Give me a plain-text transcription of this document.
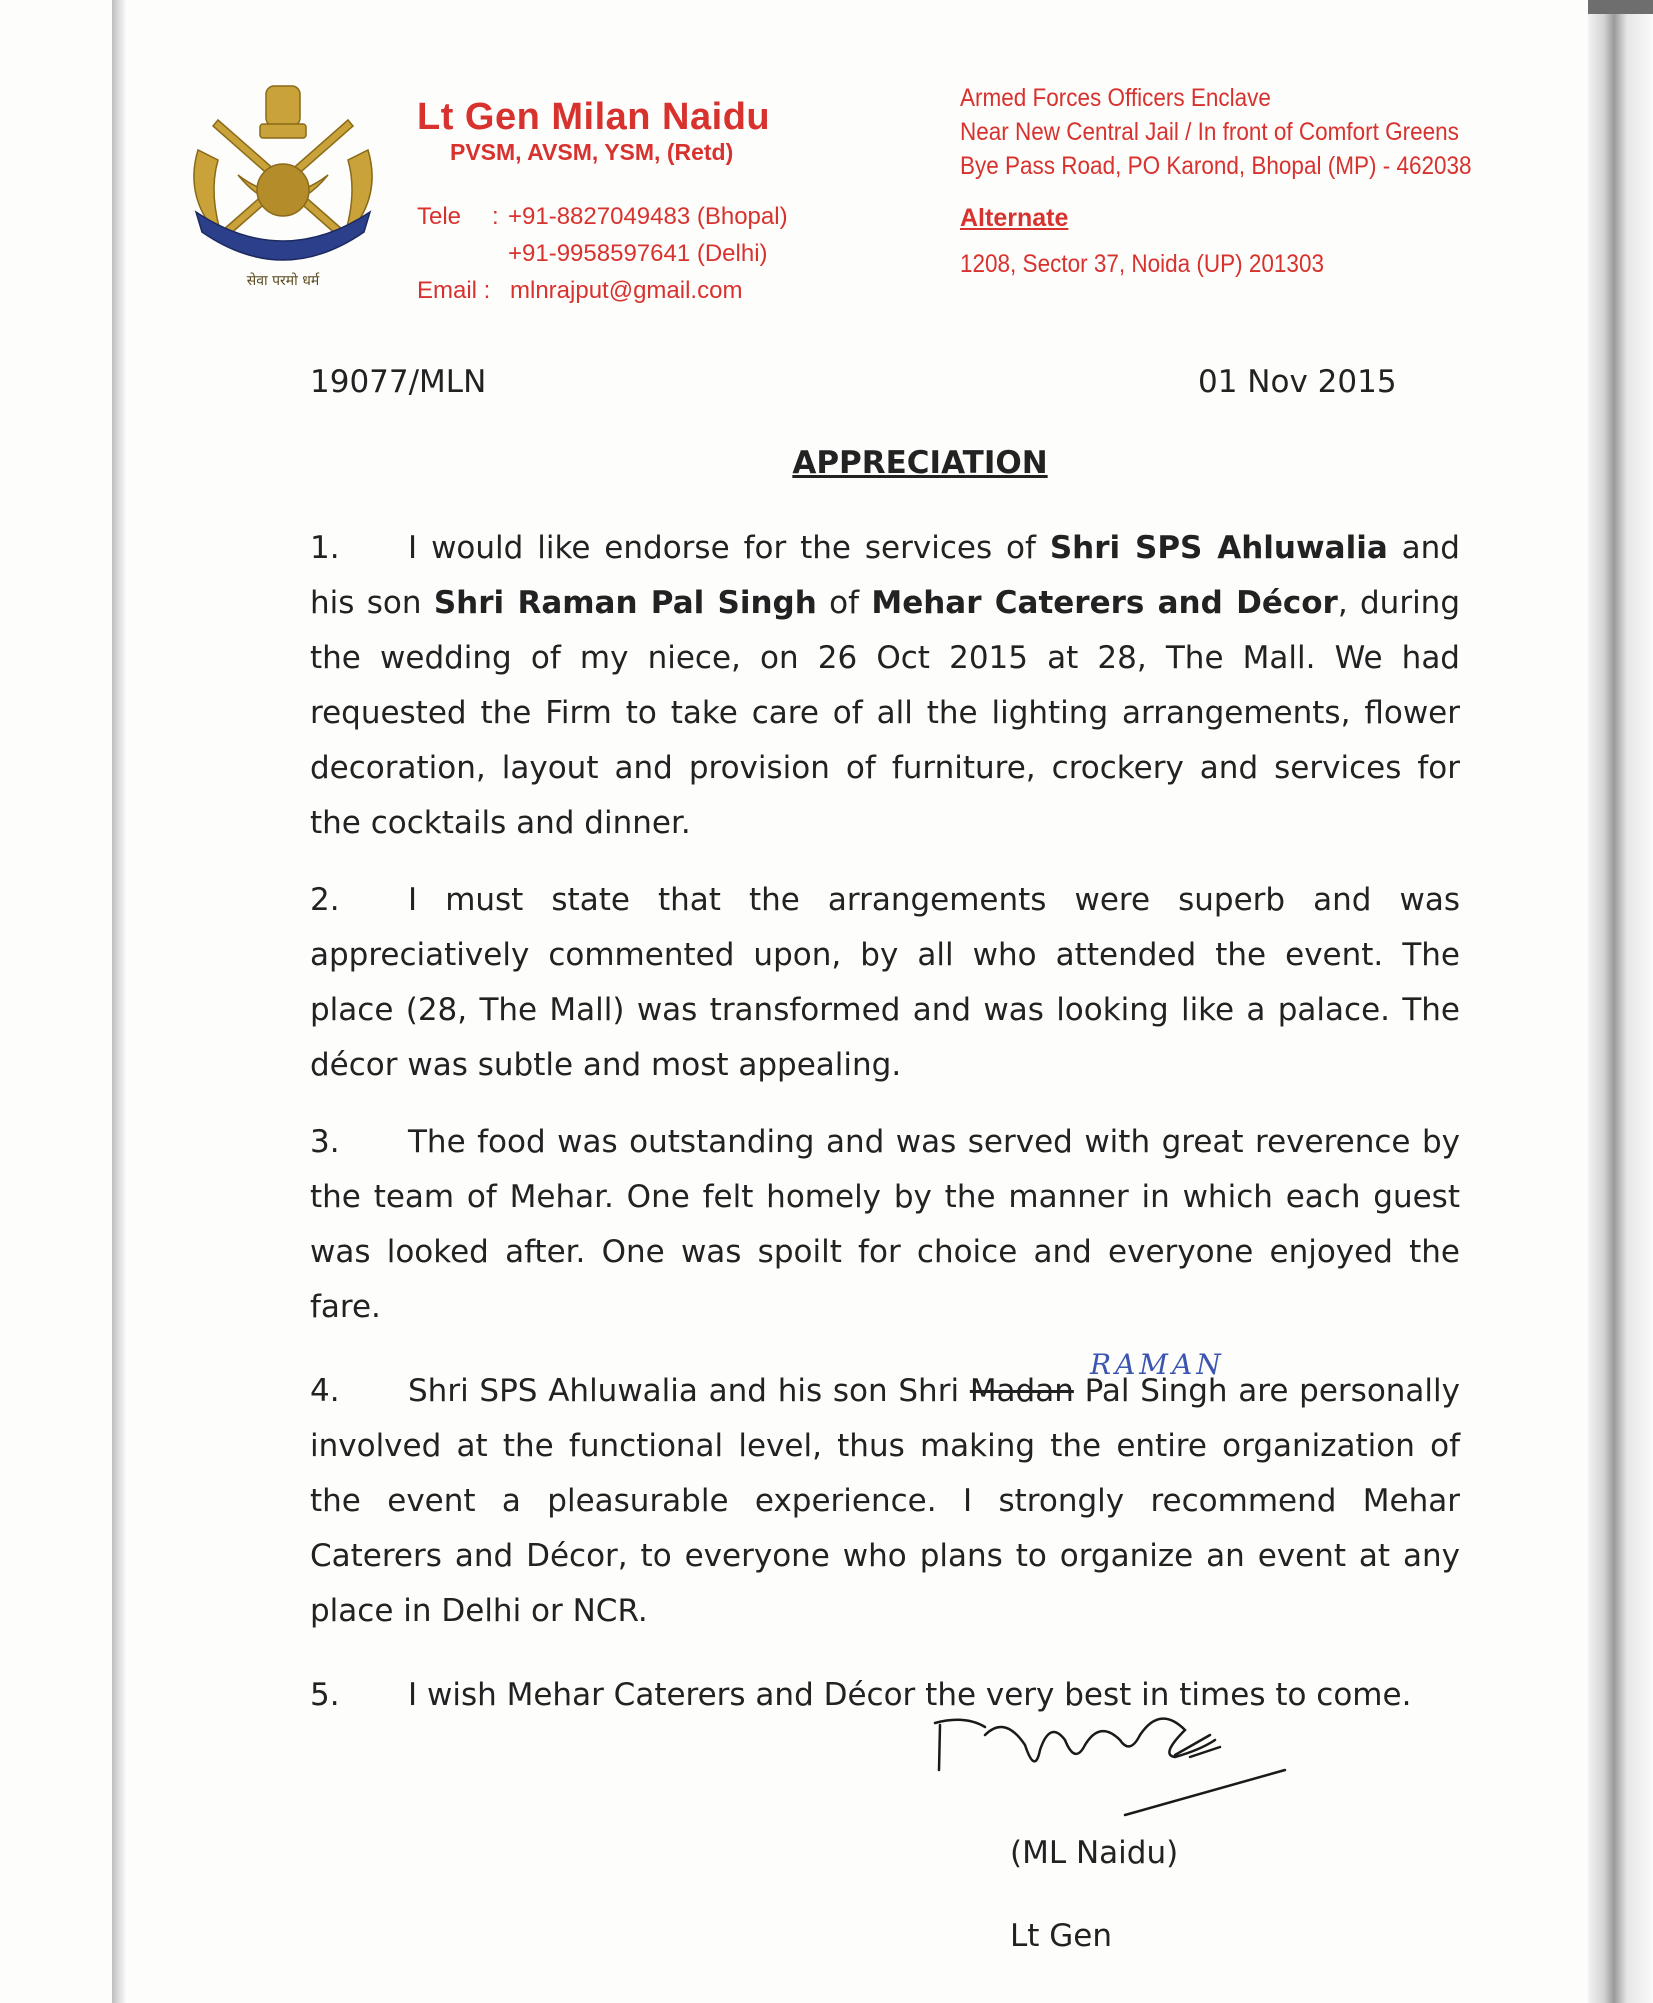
सेवा परमो धर्म
Lt Gen Milan Naidu
PVSM, AVSM, YSM, (Retd)
Tele : +91-8827049483 (Bhopal)
+91-9958597641 (Delhi)
Email : mlnrajput@gmail.com
Armed Forces Officers Enclave
Near New Central Jail / In front of Comfort Greens
Bye Pass Road, PO Karond, Bhopal (MP) - 462038
Alternate
1208, Sector 37, Noida (UP) 201303
19077/MLN	01 Nov 2015
APPRECIATION

1. I would like endorse for the services of Shri SPS Ahluwalia and his son Shri Raman Pal Singh of Mehar Caterers and Décor, during the wedding of my niece, on 26 Oct 2015 at 28, The Mall. We had requested the Firm to take care of all the lighting arrangements, flower decoration, layout and provision of furniture, crockery and services for the cocktails and dinner.

2. I must state that the arrangements were superb and was appreciatively commented upon, by all who attended the event. The place (28, The Mall) was transformed and was looking like a palace. The décor was subtle and most appealing.

3. The food was outstanding and was served with great reverence by the team of Mehar. One felt homely by the manner in which each guest was looked after. One was spoilt for choice and everyone enjoyed the fare.

RAMAN

4. Shri SPS Ahluwalia and his son Shri Madan Pal Singh are personally involved at the functional level, thus making the entire organization of the event a pleasurable experience. I strongly recommend Mehar Caterers and Décor, to everyone who plans to organize an event at any place in Delhi or NCR.

5. I wish Mehar Caterers and Décor the very best in times to come.

(ML Naidu)
Lt Gen
